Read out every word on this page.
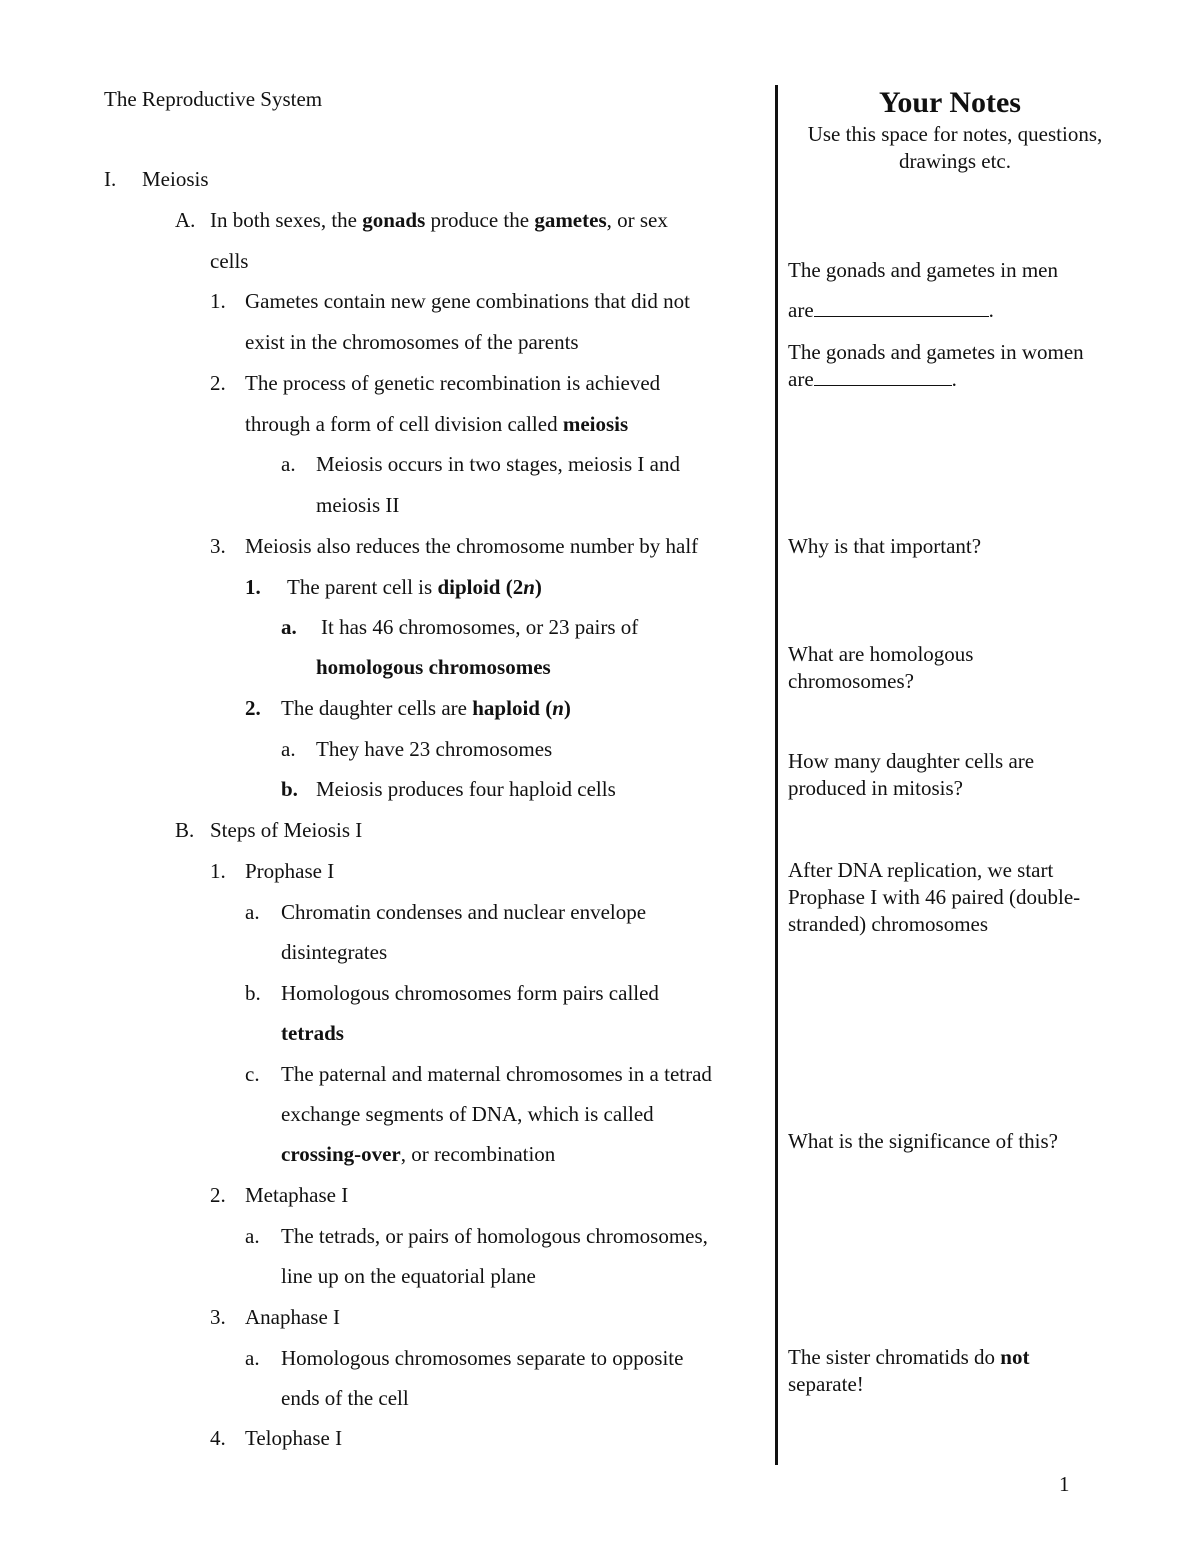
The Reproductive System
I. Meiosis
A. In both sexes, the gonads produce the gametes, or sex
cells
1. Gametes contain new gene combinations that did not
exist in the chromosomes of the parents
2. The process of genetic recombination is achieved
through a form of cell division called meiosis
a. Meiosis occurs in two stages, meiosis I and
meiosis II
3. Meiosis also reduces the chromosome number by half
1. The parent cell is diploid (2n)
a. It has 46 chromosomes, or 23 pairs of
homologous chromosomes
2. The daughter cells are haploid (n)
a. They have 23 chromosomes
b. Meiosis produces four haploid cells
B. Steps of Meiosis I
1. Prophase I
a. Chromatin condenses and nuclear envelope
disintegrates
b. Homologous chromosomes form pairs called
tetrads
c. The paternal and maternal chromosomes in a tetrad
exchange segments of DNA, which is called
crossing-over, or recombination
2. Metaphase I
a. The tetrads, or pairs of homologous chromosomes,
line up on the equatorial plane
3. Anaphase I
a. Homologous chromosomes separate to opposite
ends of the cell
4. Telophase I
Your Notes
Use this space for notes, questions, drawings etc.
The gonads and gametes in men
are	.
The gonads and gametes in women
are	.
Why is that important?
What are homologous chromosomes?
How many daughter cells are produced in mitosis?
After DNA replication, we start Prophase I with 46 paired (double-stranded) chromosomes
What is the significance of this?
The sister chromatids do not separate!
1
